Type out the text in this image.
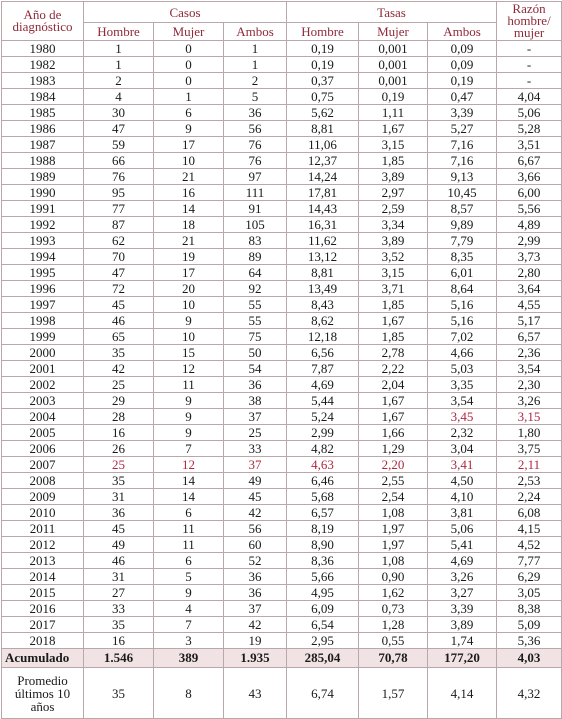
Año de diagnóstico	Casos			Tasas			Razón hombre/ mujer
	Hombre	Mujer	Ambos	Hombre	Mujer	Ambos	
1980	1	0	1	0,19	0,001	0,09	-
1982	1	0	1	0,19	0,001	0,09	-
1983	2	0	2	0,37	0,001	0,19	-
1984	4	1	5	0,75	0,19	0,47	4,04
1985	30	6	36	5,62	1,11	3,39	5,06
1986	47	9	56	8,81	1,67	5,27	5,28
1987	59	17	76	11,06	3,15	7,16	3,51
1988	66	10	76	12,37	1,85	7,16	6,67
1989	76	21	97	14,24	3,89	9,13	3,66
1990	95	16	111	17,81	2,97	10,45	6,00
1991	77	14	91	14,43	2,59	8,57	5,56
1992	87	18	105	16,31	3,34	9,89	4,89
1993	62	21	83	11,62	3,89	7,79	2,99
1994	70	19	89	13,12	3,52	8,35	3,73
1995	47	17	64	8,81	3,15	6,01	2,80
1996	72	20	92	13,49	3,71	8,64	3,64
1997	45	10	55	8,43	1,85	5,16	4,55
1998	46	9	55	8,62	1,67	5,16	5,17
1999	65	10	75	12,18	1,85	7,02	6,57
2000	35	15	50	6,56	2,78	4,66	2,36
2001	42	12	54	7,87	2,22	5,03	3,54
2002	25	11	36	4,69	2,04	3,35	2,30
2003	29	9	38	5,44	1,67	3,54	3,26
2004	28	9	37	5,24	1,67	3,45	3,15
2005	16	9	25	2,99	1,66	2,32	1,80
2006	26	7	33	4,82	1,29	3,04	3,75
2007	25	12	37	4,63	2,20	3,41	2,11
2008	35	14	49	6,46	2,55	4,50	2,53
2009	31	14	45	5,68	2,54	4,10	2,24
2010	36	6	42	6,57	1,08	3,81	6,08
2011	45	11	56	8,19	1,97	5,06	4,15
2012	49	11	60	8,90	1,97	5,41	4,52
2013	46	6	52	8,36	1,08	4,69	7,77
2014	31	5	36	5,66	0,90	3,26	6,29
2015	27	9	36	4,95	1,62	3,27	3,05
2016	33	4	37	6,09	0,73	3,39	8,38
2017	35	7	42	6,54	1,28	3,89	5,09
2018	16	3	19	2,95	0,55	1,74	5,36
Acumulado	1.546	389	1.935	285,04	70,78	177,20	4,03
Promedio últimos 10 años	35	8	43	6,74	1,57	4,14	4,32
